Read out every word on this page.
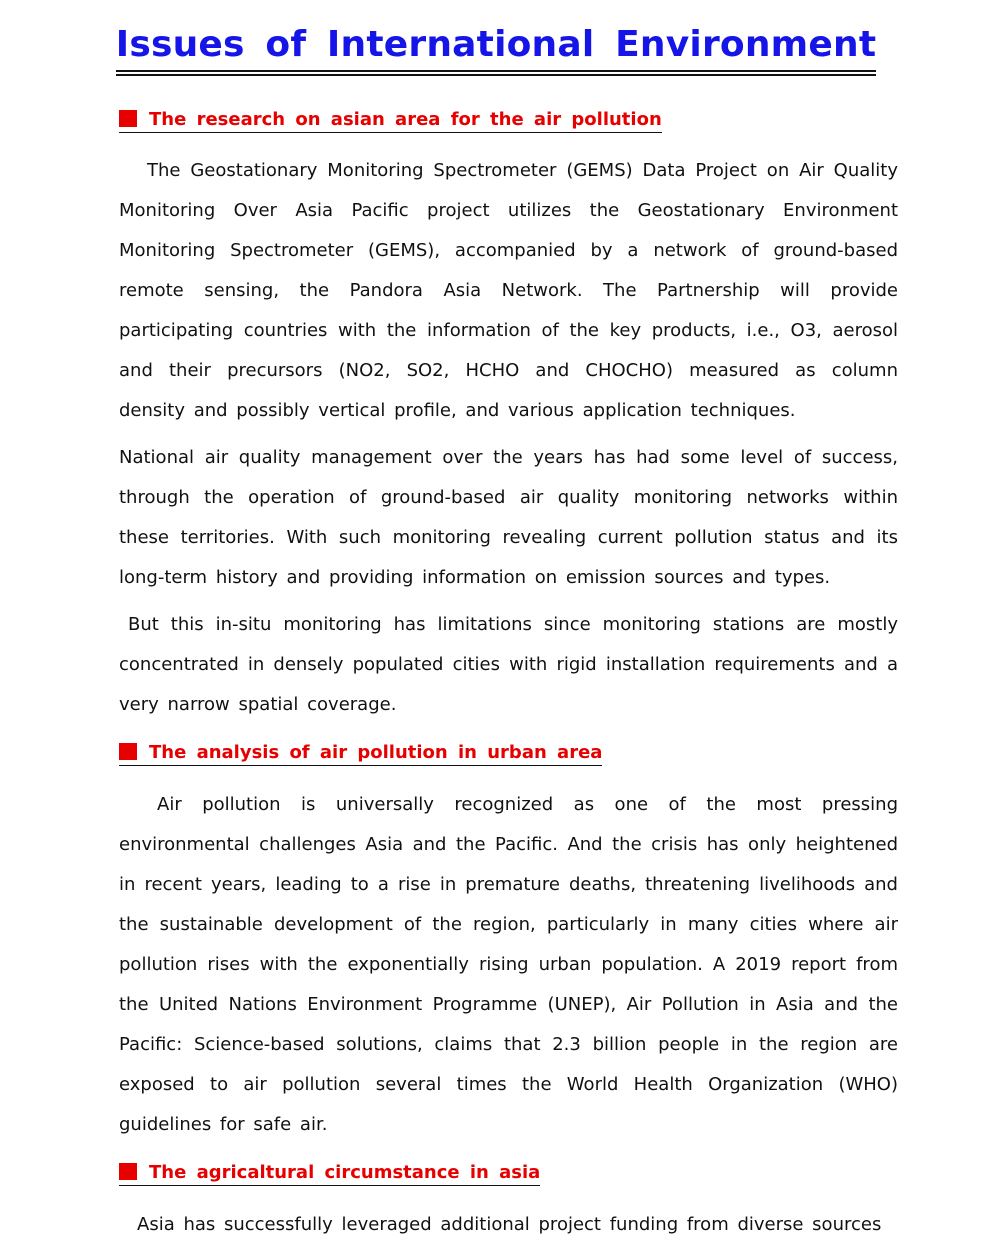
Issues of International Environment
The research on asian area for the air pollution

The Geostationary Monitoring Spectrometer (GEMS) Data Project on Air Quality Monitoring Over Asia Pacific project utilizes the Geostationary Environment Monitoring Spectrometer (GEMS), accompanied by a network of ground-based remote sensing, the Pandora Asia Network. The Partnership will provide participating countries with the information of the key products, i.e., O3, aerosol and their precursors (NO2, SO2, HCHO and CHOCHO) measured as column density and possibly vertical profile, and various application techniques.

National air quality management over the years has had some level of success, through the operation of ground-based air quality monitoring networks within these territories. With such monitoring revealing current pollution status and its long-term history and providing information on emission sources and types.

But this in-situ monitoring has limitations since monitoring stations are mostly concentrated in densely populated cities with rigid installation requirements and a very narrow spatial coverage.

The analysis of air pollution in urban area

Air pollution is universally recognized as one of the most pressing environmental challenges Asia and the Pacific. And the crisis has only heightened in recent years, leading to a rise in premature deaths, threatening livelihoods and the sustainable development of the region, particularly in many cities where air pollution rises with the exponentially rising urban population. A 2019 report from the United Nations Environment Programme (UNEP), Air Pollution in Asia and the Pacific: Science-based solutions, claims that 2.3 billion people in the region are exposed to air pollution several times the World Health Organization (WHO) guidelines for safe air.

The agricaltural circumstance in asia

Asia has successfully leveraged additional project funding from diverse sources
